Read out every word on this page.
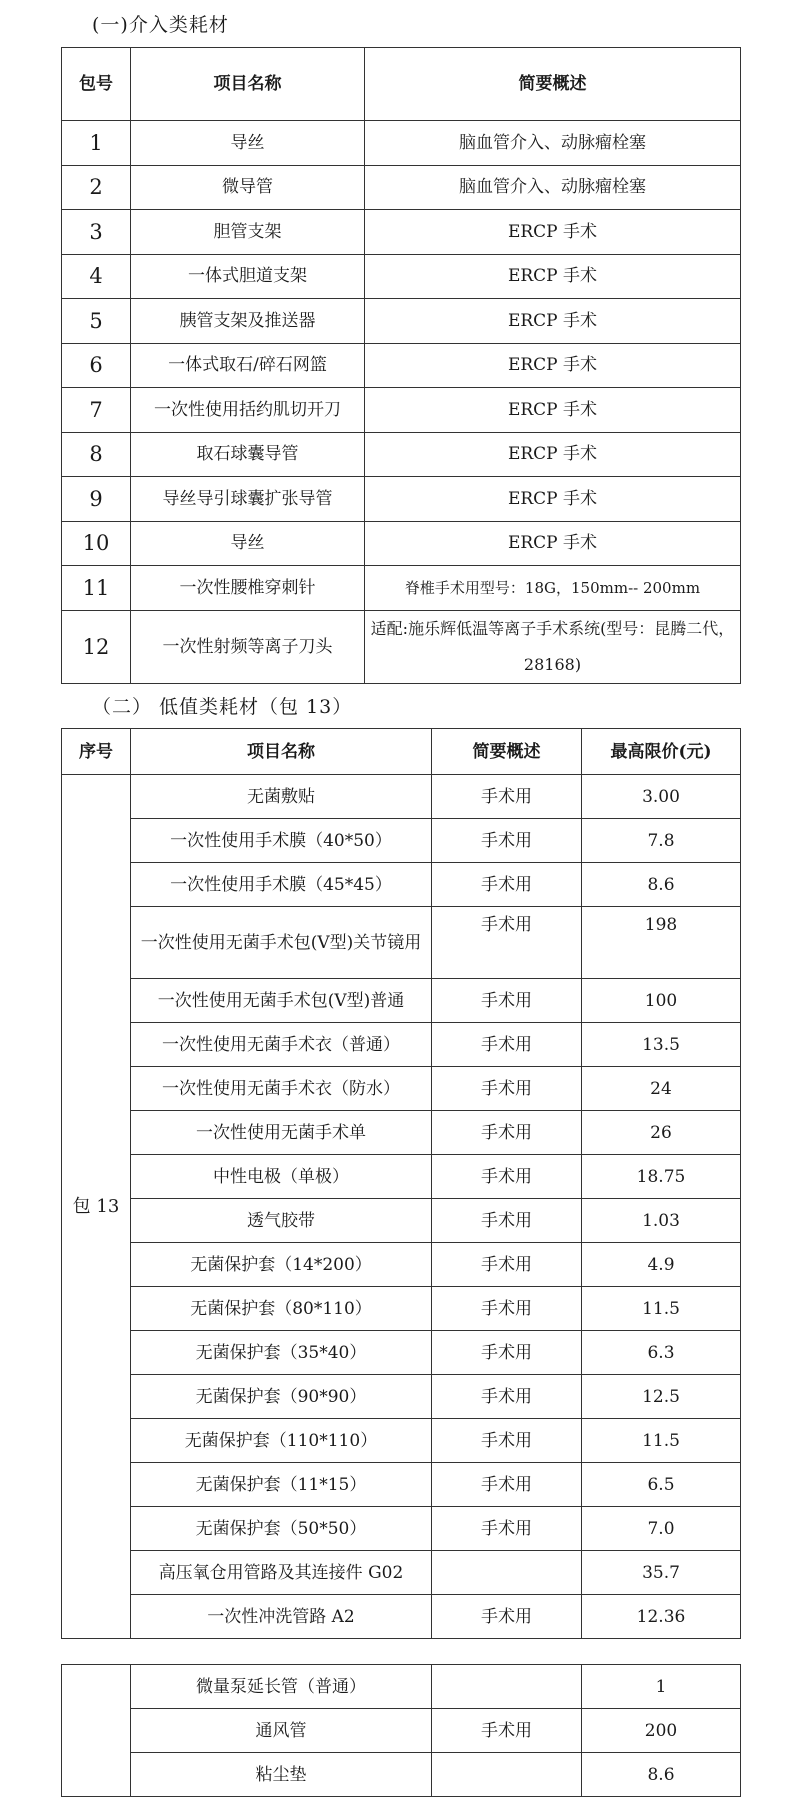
(一)介入类耗材
包号	项目名称	简要概述
1	导丝	脑血管介入、动脉瘤栓塞
2	微导管	脑血管介入、动脉瘤栓塞
3	胆管支架	ERCP 手术
4	一体式胆道支架	ERCP 手术
5	胰管支架及推送器	ERCP 手术
6	一体式取石/碎石网篮	ERCP 手术
7	一次性使用括约肌切开刀	ERCP 手术
8	取石球囊导管	ERCP 手术
9	导丝导引球囊扩张导管	ERCP 手术
10	导丝	ERCP 手术
11	一次性腰椎穿刺针	脊椎手术用型号：18G，150mm-- 200mm
12	一次性射频等离子刀头	适配:施乐辉低温等离子手术系统(型号：昆腾二代，28168)
（二） 低值类耗材（包 13）
序号	项目名称	简要概述	最高限价(元)
包 13	无菌敷贴	手术用	3.00
	一次性使用手术膜（40*50）	手术用	7.8
	一次性使用手术膜（45*45）	手术用	8.6
	一次性使用无菌手术包(V型)关节镜用	手术用	198
	一次性使用无菌手术包(V型)普通	手术用	100
	一次性使用无菌手术衣（普通）	手术用	13.5
	一次性使用无菌手术衣（防水）	手术用	24
	一次性使用无菌手术单	手术用	26
	中性电极（单极）	手术用	18.75
	透气胶带	手术用	1.03
	无菌保护套（14*200）	手术用	4.9
	无菌保护套（80*110）	手术用	11.5
	无菌保护套（35*40）	手术用	6.3
	无菌保护套（90*90）	手术用	12.5
	无菌保护套（110*110）	手术用	11.5
	无菌保护套（11*15）	手术用	6.5
	无菌保护套（50*50）	手术用	7.0
	高压氧仓用管路及其连接件 G02		35.7
	一次性冲洗管路 A2	手术用	12.36
	微量泵延长管（普通）		1
	通风管	手术用	200
	粘尘垫		8.6
